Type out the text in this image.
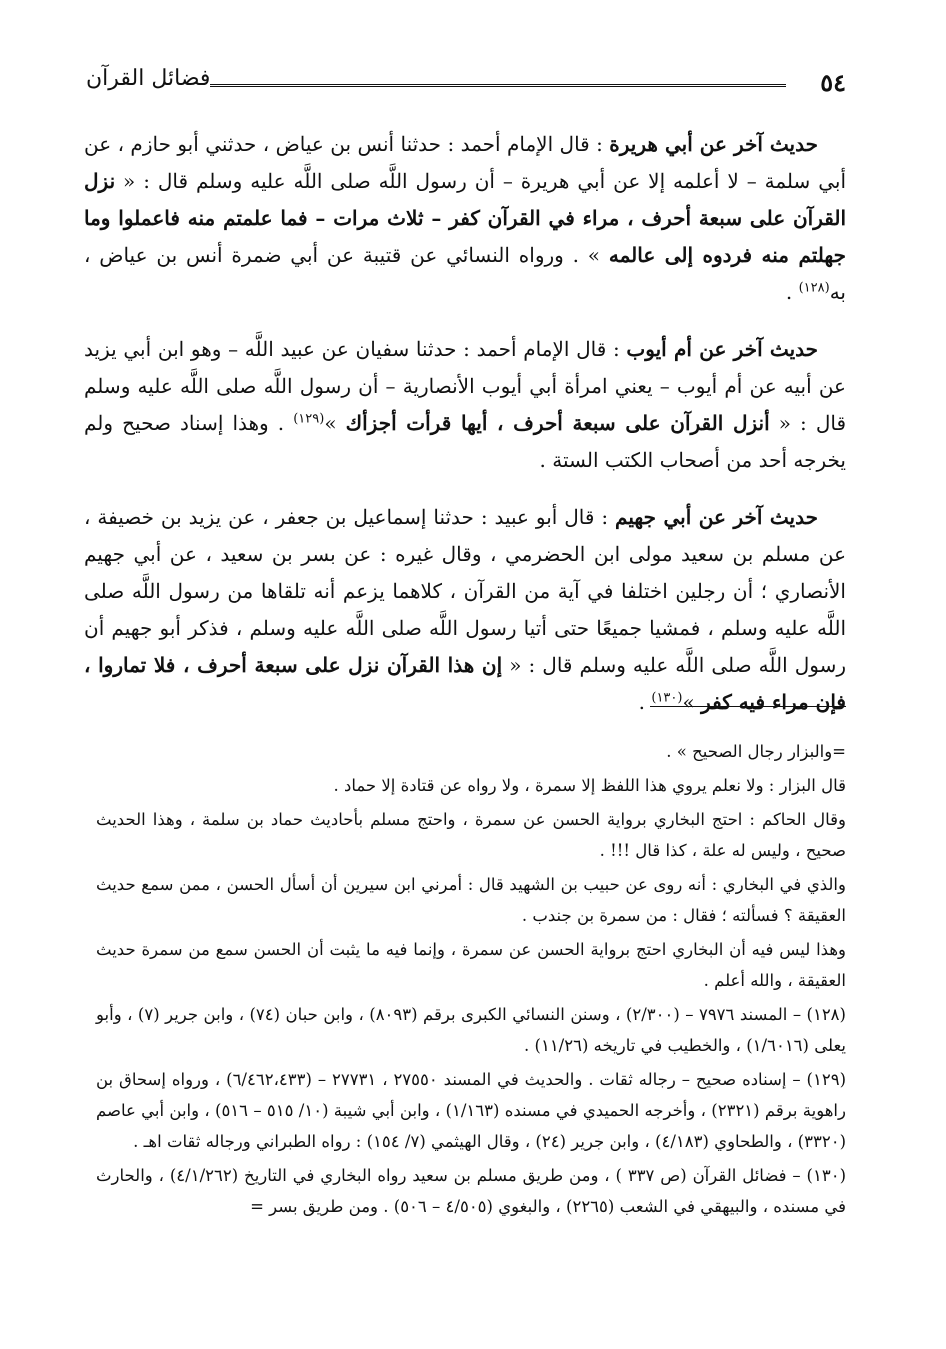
٥٤
فضائل القرآن

حديث آخر عن أبي هريرة : قال الإمام أحمد : حدثنا أنس بن عياض ، حدثني أبو حازم ، عن أبي سلمة – لا أعلمه إلا عن أبي هريرة – أن رسول اللَّه صلى اللَّه عليه وسلم قال : « نزل القرآن على سبعة أحرف ، مراء في القرآن كفر – ثلاث مرات – فما علمتم منه فاعملوا وما جهلتم منه فردوه إلى عالمه » . ورواه النسائي عن قتيبة عن أبي ضمرة أنس بن عياض ، به$^{(١٢٨)}$ .

حديث آخر عن أم أيوب : قال الإمام أحمد : حدثنا سفيان عن عبيد اللَّه – وهو ابن أبي يزيد عن أبيه عن أم أيوب – يعني امرأة أبي أيوب الأنصارية – أن رسول اللَّه صلى اللَّه عليه وسلم قال : « أنزل القرآن على سبعة أحرف ، أيها قرأت أجزأك »$^{(١٢٩)}$ . وهذا إسناد صحيح ولم يخرجه أحد من أصحاب الكتب الستة .

حديث آخر عن أبي جهيم : قال أبو عبيد : حدثنا إسماعيل بن جعفر ، عن يزيد بن خصيفة ، عن مسلم بن سعيد مولى ابن الحضرمي ، وقال غيره : عن بسر بن سعيد ، عن أبي جهيم الأنصاري ؛ أن رجلين اختلفا في آية من القرآن ، كلاهما يزعم أنه تلقاها من رسول اللَّه صلى اللَّه عليه وسلم ، فمشيا جميعًا حتى أتيا رسول اللَّه صلى اللَّه عليه وسلم ، فذكر أبو جهيم أن رسول اللَّه صلى اللَّه عليه وسلم قال : « إن هذا القرآن نزل على سبعة أحرف ، فلا تماروا ، فإن مراء فيه كفر »$^{(١٣٠)}$ .

=والبزار رجال الصحيح » .

قال البزار : ولا نعلم يروي هذا اللفظ إلا سمرة ، ولا رواه عن قتادة إلا حماد .

وقال الحاكم : احتج البخاري برواية الحسن عن سمرة ، واحتج مسلم بأحاديث حماد بن سلمة ، وهذا الحديث صحيح ، وليس له علة ، كذا قال !!! .

والذي في البخاري : أنه روى عن حبيب بن الشهيد قال : أمرني ابن سيرين أن أسأل الحسن ، ممن سمع حديث العقيقة ؟ فسألته ؛ فقال : من سمرة بن جندب .

وهذا ليس فيه أن البخاري احتج برواية الحسن عن سمرة ، وإنما فيه ما يثبت أن الحسن سمع من سمرة حديث العقيقة ، والله أعلم .

(١٢٨) – المسند ٧٩٧٦ – (٢/٣٠٠) ، وسنن النسائي الكبرى برقم (٨٠٩٣) ، وابن حبان (٧٤) ، وابن جرير (٧) ، وأبو يعلى (١/٦٠١٦) ، والخطيب في تاريخه (١١/٢٦) .

(١٢٩) – إسناده صحيح – رجاله ثقات . والحديث في المسند ٢٧٥٥٠ ، ٢٧٧٣١ – (٦/٤٦٢،٤٣٣) ، ورواه إسحاق بن راهوية برقم (٢٣٢١) ، وأخرجه الحميدي في مسنده (١/١٦٣) ، وابن أبي شيبة (١٠/ ٥١٥ – ٥١٦) ، وابن أبي عاصم (٣٣٢٠) ، والطحاوي (٤/١٨٣) ، وابن جرير (٢٤) ، وقال الهيثمي (٧/ ١٥٤) : رواه الطبراني ورجاله ثقات اهـ .

(١٣٠) – فضائل القرآن (ص ٣٣٧ ) ، ومن طريق مسلم بن سعيد رواه البخاري في التاريخ (٤/١/٢٦٢) ، والحارث في مسنده ، والبيهقي في الشعب (٢٢٦٥) ، والبغوي (٤/٥٠٥ – ٥٠٦) . ومن طريق بسر =
